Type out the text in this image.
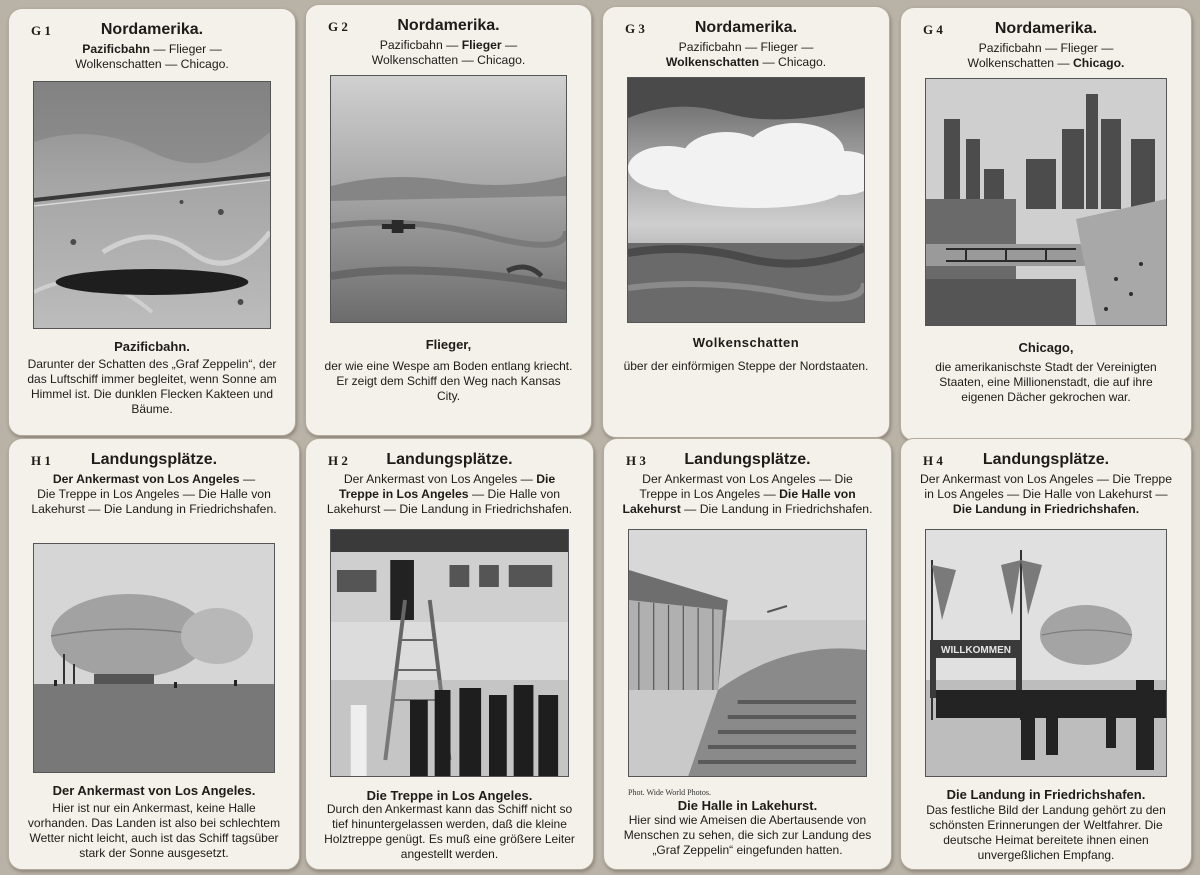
G 1	Nordamerika.
Pazificbahn — Flieger —
Wolkenschatten — Chicago.
Pazificbahn.
Darunter der Schatten des „Graf Zeppelin“, der das Luftschiff immer begleitet, wenn Sonne am Himmel ist. Die dunklen Flecken Kakteen und Bäume.
G 2	Nordamerika.
Pazificbahn — Flieger —
Wolkenschatten — Chicago.
Flieger,
der wie eine Wespe am Boden entlang kriecht. Er zeigt dem Schiff den Weg nach Kansas City.
G 3	Nordamerika.
Pazificbahn — Flieger —
Wolkenschatten — Chicago.
Wolkenschatten
über der einförmigen Steppe der Nordstaaten.
G 4	Nordamerika.
Pazificbahn — Flieger —
Wolkenschatten — Chicago.
Chicago,
die amerikanischste Stadt der Vereinigten Staaten, eine Millionenstadt, die auf ihre eigenen Dächer gekrochen war.
H 1	Landungsplätze.
Der Ankermast von Los Angeles —
Die Treppe in Los Angeles — Die Halle von Lakehurst — Die Landung in Friedrichshafen.
Der Ankermast von Los Angeles.
Hier ist nur ein Ankermast, keine Halle vorhanden. Das Landen ist also bei schlechtem Wetter nicht leicht, auch ist das Schiff tagsüber stark der Sonne ausgesetzt.
H 2	Landungsplätze.
Der Ankermast von Los Angeles — Die Treppe in Los Angeles — Die Halle von Lakehurst — Die Landung in Friedrichshafen.
Die Treppe in Los Angeles.
Durch den Ankermast kann das Schiff nicht so tief hinuntergelassen werden, daß die kleine Holztreppe genügt. Es muß eine größere Leiter angestellt werden.
H 3	Landungsplätze.
Der Ankermast von Los Angeles — Die Treppe in Los Angeles — Die Halle von Lakehurst — Die Landung in Friedrichshafen.
Phot. Wide World Photos.
Die Halle in Lakehurst.
Hier sind wie Ameisen die Abertausende von Menschen zu sehen, die sich zur Landung des „Graf Zeppelin“ eingefunden hatten.
H 4	Landungsplätze.
Der Ankermast von Los Angeles — Die Treppe in Los Angeles — Die Halle von Lakehurst — Die Landung in Friedrichshafen.
WILLKOMMEN
Die Landung in Friedrichshafen.
Das festliche Bild der Landung gehört zu den schönsten Erinnerungen der Weltfahrer. Die deutsche Heimat bereitete ihnen einen unvergeßlichen Empfang.
